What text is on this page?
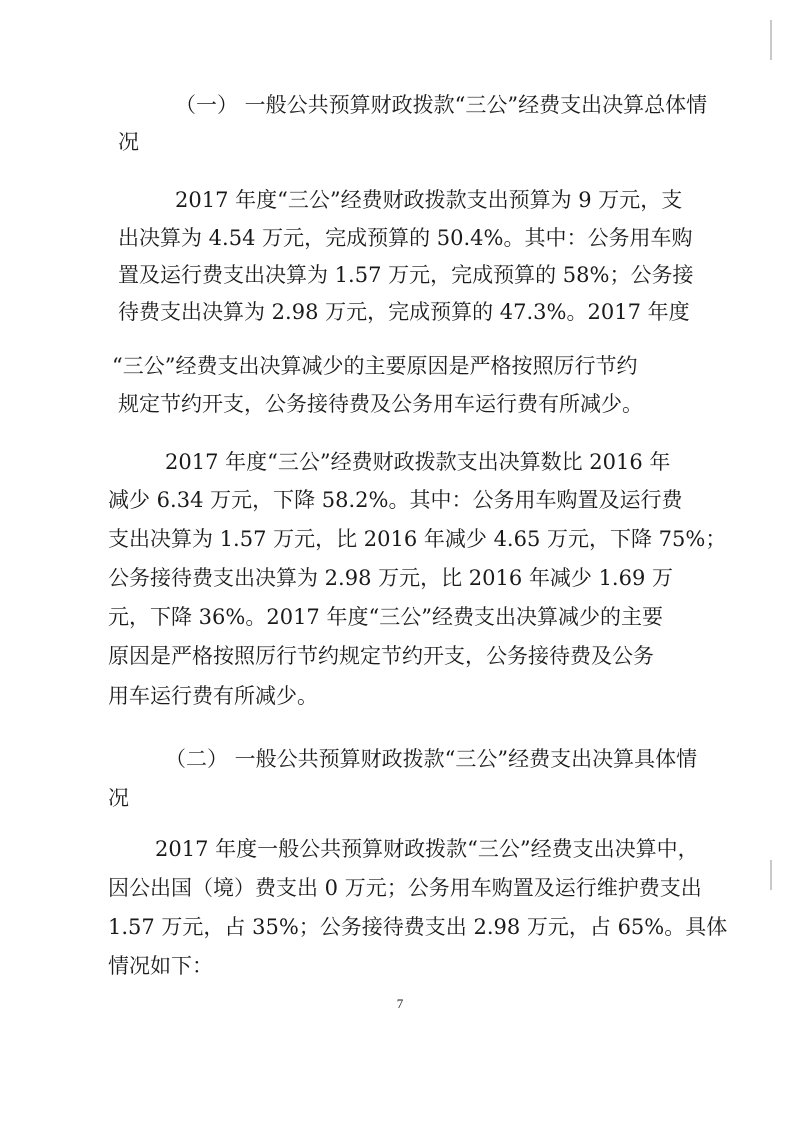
（一） 一般公共预算财政拨款“三公”经费支出决算总体情
况
2017 年度“三公”经费财政拨款支出预算为 9 万元，支
出决算为 4.54 万元，完成预算的 50.4%。其中：公务用车购
置及运行费支出决算为 1.57 万元，完成预算的 58%；公务接
待费支出决算为 2.98 万元，完成预算的 47.3%。2017 年度
“三公”经费支出决算减少的主要原因是严格按照厉行节约
规定节约开支，公务接待费及公务用车运行费有所减少。
2017 年度“三公”经费财政拨款支出决算数比 2016 年
减少 6.34 万元，下降 58.2%。其中：公务用车购置及运行费
支出决算为 1.57 万元，比 2016 年减少 4.65 万元，下降 75%；
公务接待费支出决算为 2.98 万元，比 2016 年减少 1.69 万
元，下降 36%。2017 年度“三公”经费支出决算减少的主要
原因是严格按照厉行节约规定节约开支，公务接待费及公务
用车运行费有所减少。
（二） 一般公共预算财政拨款“三公”经费支出决算具体情
况
2017 年度一般公共预算财政拨款“三公”经费支出决算中，
因公出国（境）费支出 0 万元；公务用车购置及运行维护费支出
1.57 万元，占 35%；公务接待费支出 2.98 万元，占 65%。具体
情况如下：
7
